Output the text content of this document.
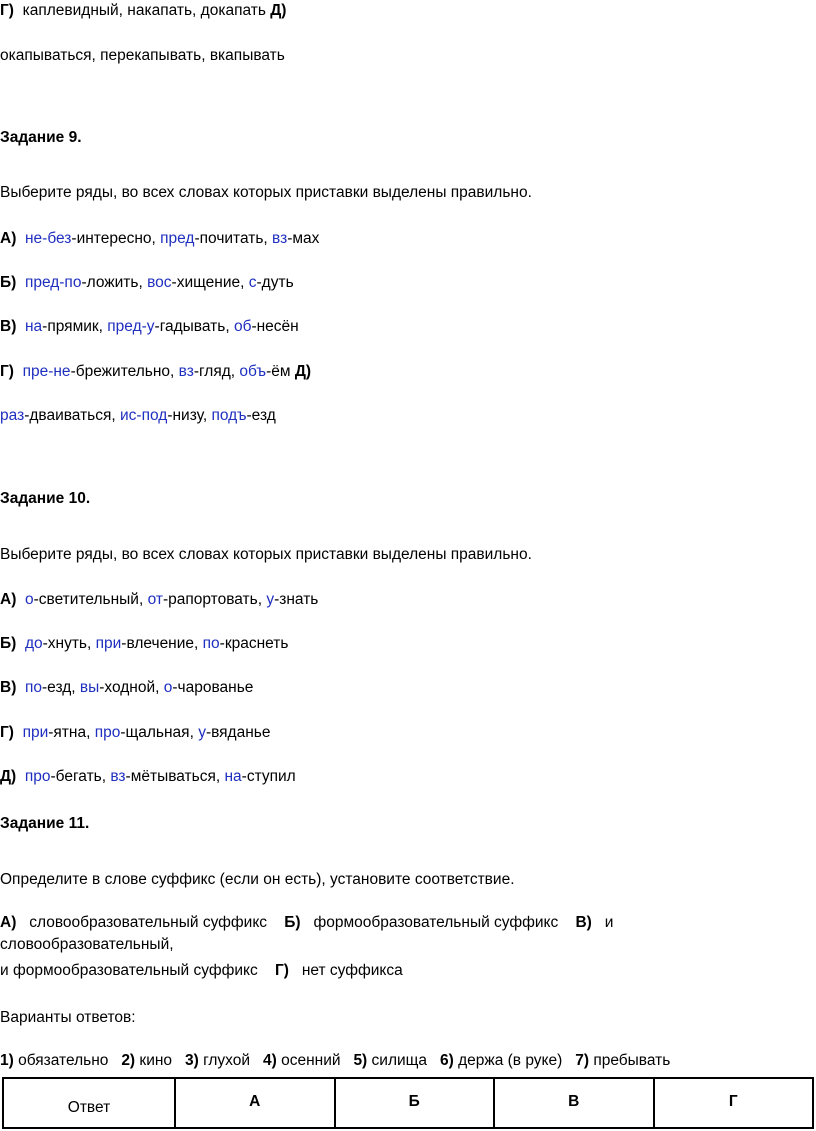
Г) каплевидный, накапать, докапать Д)
окапываться, перекапывать, вкапывать
Задание 9.
Выберите ряды, во всех словах которых приставки выделены правильно.
А) не-без-интересно, пред-почитать, вз-мах
Б) пред-по-ложить, вос-хищение, с-дуть
В) на-прямик, пред-у-гадывать, об-несён
Г) пре-не-брежительно, вз-гляд, объ-ём Д)
раз-дваиваться, ис-под-низу, подъ-езд
Задание 10.
Выберите ряды, во всех словах которых приставки выделены правильно.
А) о-светительный, от-рапортовать, у-знать
Б) до-хнуть, при-влечение, по-краснеть
В) по-езд, вы-ходной, о-чарованье
Г) при-ятна, про-щальная, у-вяданье
Д) про-бегать, вз-мётываться, на-ступил
Задание 11.
Определите в слове суффикс (если он есть), установите соответствие.
А) словообразовательный суффикс Б) формообразовательный суффикс В) и
словообразовательный,
и формообразовательный суффикс Г) нет суффикса
Варианты ответов:
1) обязательно 2) кино 3) глухой 4) осенний 5) силища 6) держа (в руке) 7) пребывать
Ответ	А	Б	В	Г
